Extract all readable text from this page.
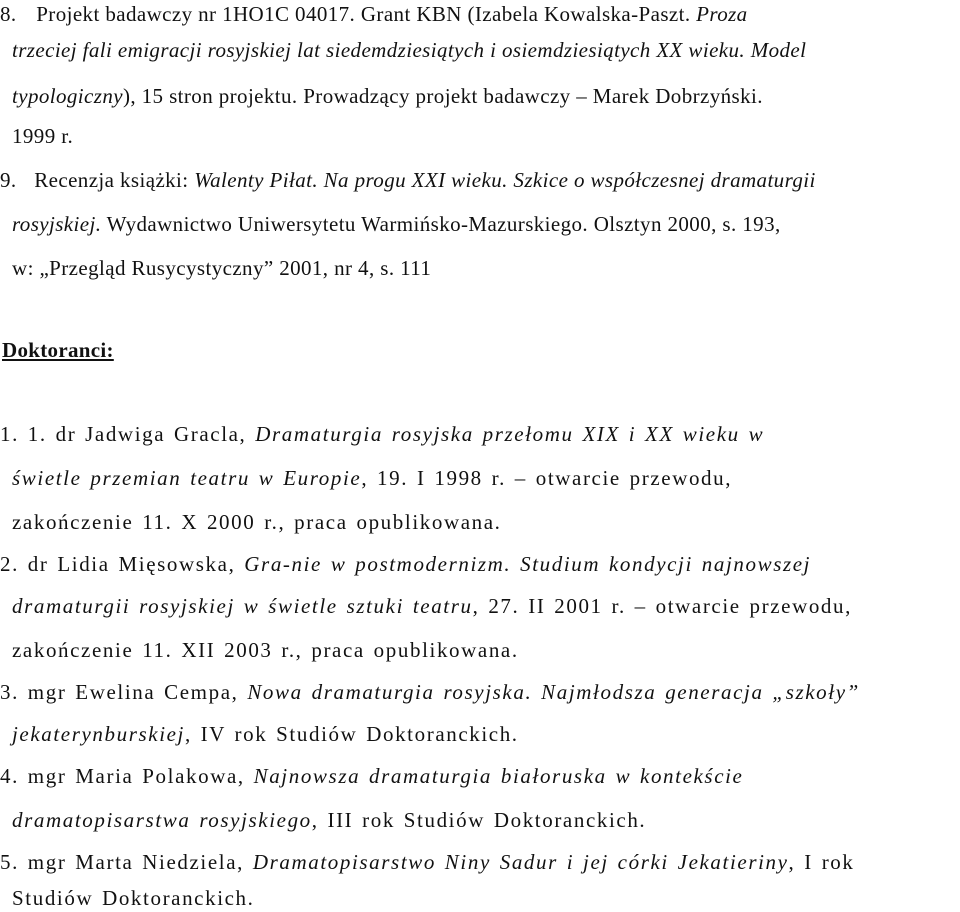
8. Projekt badawczy nr 1HO1C 04017. Grant KBN (Izabela Kowalska-Paszt. Proza
trzeciej fali emigracji rosyjskiej lat siedemdziesiątych i osiemdziesiątych XX wieku. Model
typologiczny), 15 stron projektu. Prowadzący projekt badawczy – Marek Dobrzyński.
1999 r.
9. Recenzja książki: Walenty Piłat. Na progu XXI wieku. Szkice o współczesnej dramaturgii
rosyjskiej. Wydawnictwo Uniwersytetu Warmińsko-Mazurskiego. Olsztyn 2000, s. 193,
w: „Przegląd Rusycystyczny” 2001, nr 4, s. 111
Doktoranci:
1. 1. dr Jadwiga Gracla, Dramaturgia rosyjska przełomu XIX i XX wieku w
świetle przemian teatru w Europie, 19. I 1998 r. – otwarcie przewodu,
zakończenie 11. X 2000 r., praca opublikowana.
2. dr Lidia Mięsowska, Gra-nie w postmodernizm. Studium kondycji najnowszej
dramaturgii rosyjskiej w świetle sztuki teatru, 27. II 2001 r. – otwarcie przewodu,
zakończenie 11. XII 2003 r., praca opublikowana.
3. mgr Ewelina Cempa, Nowa dramaturgia rosyjska. Najmłodsza generacja „szkoły”
jekaterynburskiej, IV rok Studiów Doktoranckich.
4. mgr Maria Polakowa, Najnowsza dramaturgia białoruska w kontekście
dramatopisarstwa rosyjskiego, III rok Studiów Doktoranckich.
5. mgr Marta Niedziela, Dramatopisarstwo Niny Sadur i jej córki Jekatieriny, I rok
Studiów Doktoranckich.
